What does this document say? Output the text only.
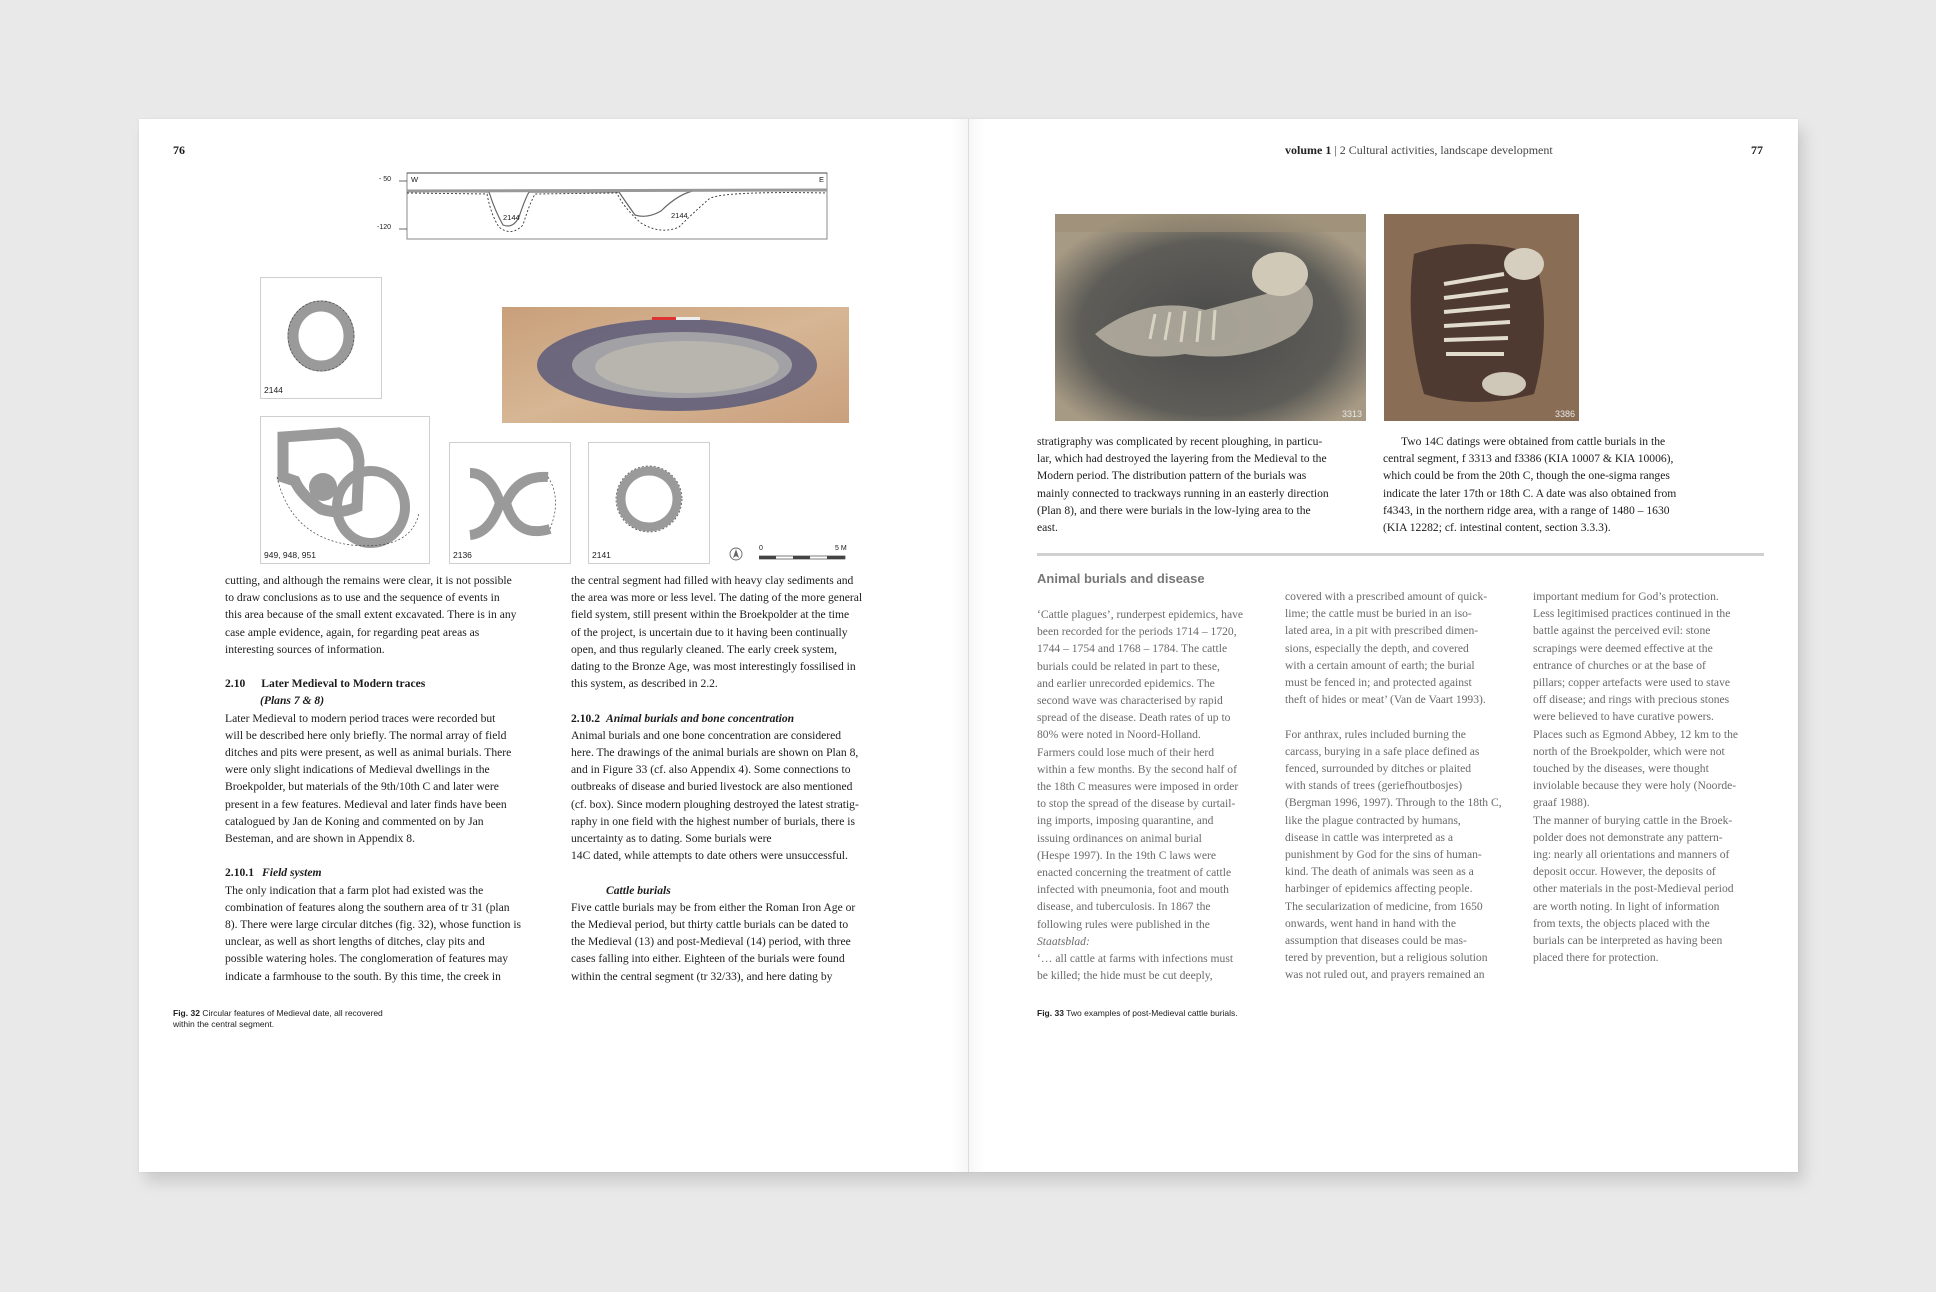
76
W	E
- 50
-120
2144	2144
2144
949, 948, 951	2136	2141
0	5 M

cutting, and although the remains were clear, it is not possible

to draw conclusions as to use and the sequence of events in

this area because of the small extent excavated. There is in any

case ample evidence, again, for regarding peat areas as

interesting sources of information.

2.10 Later Medieval to Modern traces

(Plans 7 & 8)

Later Medieval to modern period traces were recorded but

will be described here only briefly. The normal array of field

ditches and pits were present, as well as animal burials. There

were only slight indications of Medieval dwellings in the

Broekpolder, but materials of the 9th/10th C and later were

present in a few features. Medieval and later finds have been

catalogued by Jan de Koning and commented on by Jan

Besteman, and are shown in Appendix 8.

2.10.1 Field system

The only indication that a farm plot had existed was the

combination of features along the southern area of tr 31 (plan

8). There were large circular ditches (fig. 32), whose function is

unclear, as well as short lengths of ditches, clay pits and

possible watering holes. The conglomeration of features may

indicate a farmhouse to the south. By this time, the creek in

the central segment had filled with heavy clay sediments and

the area was more or less level. The dating of the more general

field system, still present within the Broekpolder at the time

of the project, is uncertain due to it having been continually

open, and thus regularly cleaned. The early creek system,

dating to the Bronze Age, was most interestingly fossilised in

this system, as described in 2.2.

2.10.2 Animal burials and bone concentration

Animal burials and one bone concentration are considered

here. The drawings of the animal burials are shown on Plan 8,

and in Figure 33 (cf. also Appendix 4). Some connections to

outbreaks of disease and buried livestock are also mentioned

(cf. box). Since modern ploughing destroyed the latest stratig-

raphy in one field with the highest number of burials, there is

uncertainty as to dating. Some burials were

14C dated, while attempts to date others were unsuccessful.

Cattle burials

Five cattle burials may be from either the Roman Iron Age or

the Medieval period, but thirty cattle burials can be dated to

the Medieval (13) and post-Medieval (14) period, with three

cases falling into either. Eighteen of the burials were found

within the central segment (tr 32/33), and here dating by

Fig. 32 Circular features of Medieval date, all recovered
within the central segment.
volume 1 | 2 Cultural activities, landscape development	77
3313	3386

stratigraphy was complicated by recent ploughing, in particu-

lar, which had destroyed the layering from the Medieval to the

Modern period. The distribution pattern of the burials was

mainly connected to trackways running in an easterly direction

(Plan 8), and there were burials in the low-lying area to the

east.

Two 14C datings were obtained from cattle burials in the

central segment, f 3313 and f3386 (KIA 10007 & KIA 10006),

which could be from the 20th C, though the one-sigma ranges

indicate the later 17th or 18th C. A date was also obtained from

f4343, in the northern ridge area, with a range of 1480 – 1630

(KIA 12282; cf. intestinal content, section 3.3.3).

Animal burials and disease

‘Cattle plagues’, runderpest epidemics, have

been recorded for the periods 1714 – 1720,

1744 – 1754 and 1768 – 1784. The cattle

burials could be related in part to these,

and earlier unrecorded epidemics. The

second wave was characterised by rapid

spread of the disease. Death rates of up to

80% were noted in Noord-Holland.

Farmers could lose much of their herd

within a few months. By the second half of

the 18th C measures were imposed in order

to stop the spread of the disease by curtail-

ing imports, imposing quarantine, and

issuing ordinances on animal burial

(Hespe 1997). In the 19th C laws were

enacted concerning the treatment of cattle

infected with pneumonia, foot and mouth

disease, and tuberculosis. In 1867 the

following rules were published in the

Staatsblad:

‘… all cattle at farms with infections must

be killed; the hide must be cut deeply,

covered with a prescribed amount of quick-

lime; the cattle must be buried in an iso-

lated area, in a pit with prescribed dimen-

sions, especially the depth, and covered

with a certain amount of earth; the burial

must be fenced in; and protected against

theft of hides or meat’ (Van de Vaart 1993).

For anthrax, rules included burning the

carcass, burying in a safe place defined as

fenced, surrounded by ditches or plaited

with stands of trees (geriefhoutbosjes)

(Bergman 1996, 1997). Through to the 18th C,

like the plague contracted by humans,

disease in cattle was interpreted as a

punishment by God for the sins of human-

kind. The death of animals was seen as a

harbinger of epidemics affecting people.

The secularization of medicine, from 1650

onwards, went hand in hand with the

assumption that diseases could be mas-

tered by prevention, but a religious solution

was not ruled out, and prayers remained an

important medium for God’s protection.

Less legitimised practices continued in the

battle against the perceived evil: stone

scrapings were deemed effective at the

entrance of churches or at the base of

pillars; copper artefacts were used to stave

off disease; and rings with precious stones

were believed to have curative powers.

Places such as Egmond Abbey, 12 km to the

north of the Broekpolder, which were not

touched by the diseases, were thought

inviolable because they were holy (Noorde-

graaf 1988).

The manner of burying cattle in the Broek-

polder does not demonstrate any pattern-

ing: nearly all orientations and manners of

deposit occur. However, the deposits of

other materials in the post-Medieval period

are worth noting. In light of information

from texts, the objects placed with the

burials can be interpreted as having been

placed there for protection.

Fig. 33 Two examples of post-Medieval cattle burials.
